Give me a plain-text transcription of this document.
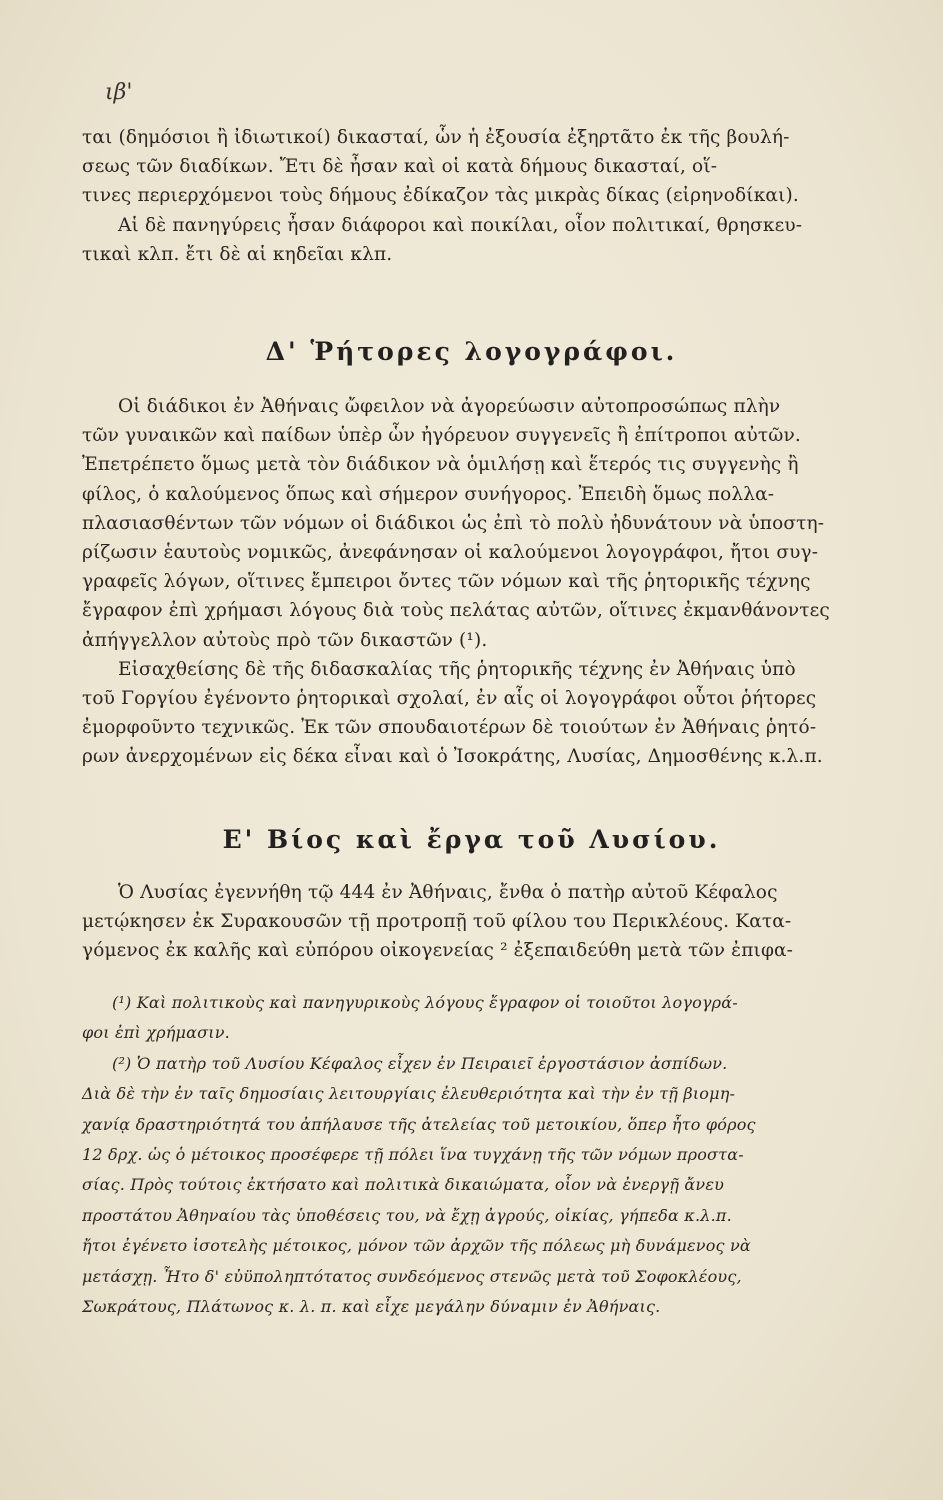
ιβ'

ται (δημόσιοι ἢ ἰδιωτικοί) δικασταί, ὧν ἡ ἐξουσία ἐξηρτᾶτο ἐκ τῆς βουλή-
σεως τῶν διαδίκων. Ἔτι δὲ ἦσαν καὶ οἱ κατὰ δήμους δικασταί, οἵ-
τινες περιερχόμενοι τοὺς δήμους ἐδίκαζον τὰς μικρὰς δίκας (εἰρηνοδίκαι).

Αἱ δὲ πανηγύρεις ἦσαν διάφοροι καὶ ποικίλαι, οἷον πολιτικαί, θρησκευ-
τικαὶ κλπ. ἔτι δὲ αἱ κηδεῖαι κλπ.

Δ' Ῥήτορες λογογράφοι.

Οἱ διάδικοι ἐν Ἀθήναις ὤφειλον νὰ ἀγορεύωσιν αὐτοπροσώπως πλὴν
τῶν γυναικῶν καὶ παίδων ὑπὲρ ὧν ἠγόρευον συγγενεῖς ἢ ἐπίτροποι αὐτῶν.
Ἐπετρέπετο ὅμως μετὰ τὸν διάδικον νὰ ὁμιλήσῃ καὶ ἕτερός τις συγγενὴς ἢ
φίλος, ὁ καλούμενος ὅπως καὶ σήμερον συνήγορος. Ἐπειδὴ ὅμως πολλα-
πλασιασθέντων τῶν νόμων οἱ διάδικοι ὡς ἐπὶ τὸ πολὺ ἠδυνάτουν νὰ ὑποστη-
ρίζωσιν ἑαυτοὺς νομικῶς, ἀνεφάνησαν οἱ καλούμενοι λογογράφοι, ἤτοι συγ-
γραφεῖς λόγων, οἵτινες ἔμπειροι ὄντες τῶν νόμων καὶ τῆς ῥητορικῆς τέχνης
ἔγραφον ἐπὶ χρήμασι λόγους διὰ τοὺς πελάτας αὐτῶν, οἵτινες ἐκμανθάνοντες
ἀπήγγελλον αὐτοὺς πρὸ τῶν δικαστῶν (¹).

Εἰσαχθείσης δὲ τῆς διδασκαλίας τῆς ῥητορικῆς τέχνης ἐν Ἀθήναις ὑπὸ
τοῦ Γοργίου ἐγένοντο ῥητορικαὶ σχολαί, ἐν αἷς οἱ λογογράφοι οὗτοι ῥήτορες
ἐμορφοῦντο τεχνικῶς. Ἐκ τῶν σπουδαιοτέρων δὲ τοιούτων ἐν Ἀθήναις ῥητό-
ρων ἀνερχομένων εἰς δέκα εἶναι καὶ ὁ Ἰσοκράτης, Λυσίας, Δημοσθένης κ.λ.π.

Ε' Βίος καὶ ἔργα τοῦ Λυσίου.

Ὁ Λυσίας ἐγεννήθη τῷ 444 ἐν Ἀθήναις, ἔνθα ὁ πατὴρ αὐτοῦ Κέφαλος
μετῴκησεν ἐκ Συρακουσῶν τῇ προτροπῇ τοῦ φίλου του Περικλέους. Κατα-
γόμενος ἐκ καλῆς καὶ εὐπόρου οἰκογενείας ² ἐξεπαιδεύθη μετὰ τῶν ἐπιφα-

(¹) Καὶ πολιτικοὺς καὶ πανηγυρικοὺς λόγους ἔγραφον οἱ τοιοῦτοι λογογρά-
φοι ἐπὶ χρήμασιν.

(²) Ὁ πατὴρ τοῦ Λυσίου Κέφαλος εἶχεν ἐν Πειραιεῖ ἐργοστάσιον ἀσπίδων.
Διὰ δὲ τὴν ἐν ταῖς δημοσίαις λειτουργίαις ἐλευθεριότητα καὶ τὴν ἐν τῇ βιομη-
χανίᾳ δραστηριότητά του ἀπήλαυσε τῆς ἀτελείας τοῦ μετοικίου, ὅπερ ἦτο φόρος
12 δρχ. ὡς ὁ μέτοικος προσέφερε τῇ πόλει ἵνα τυγχάνῃ τῆς τῶν νόμων προστα-
σίας. Πρὸς τούτοις ἐκτήσατο καὶ πολιτικὰ δικαιώματα, οἷον νὰ ἐνεργῇ ἄνευ
προστάτου Ἀθηναίου τὰς ὑποθέσεις του, νὰ ἔχῃ ἀγρούς, οἰκίας, γήπεδα κ.λ.π.
ἤτοι ἐγένετο ἰσοτελὴς μέτοικος, μόνον τῶν ἀρχῶν τῆς πόλεως μὴ δυνάμενος νὰ
μετάσχῃ. Ἦτο δ' εὐϋποληπτότατος συνδεόμενος στενῶς μετὰ τοῦ Σοφοκλέους,
Σωκράτους, Πλάτωνος κ. λ. π. καὶ εἶχε μεγάλην δύναμιν ἐν Ἀθήναις.
